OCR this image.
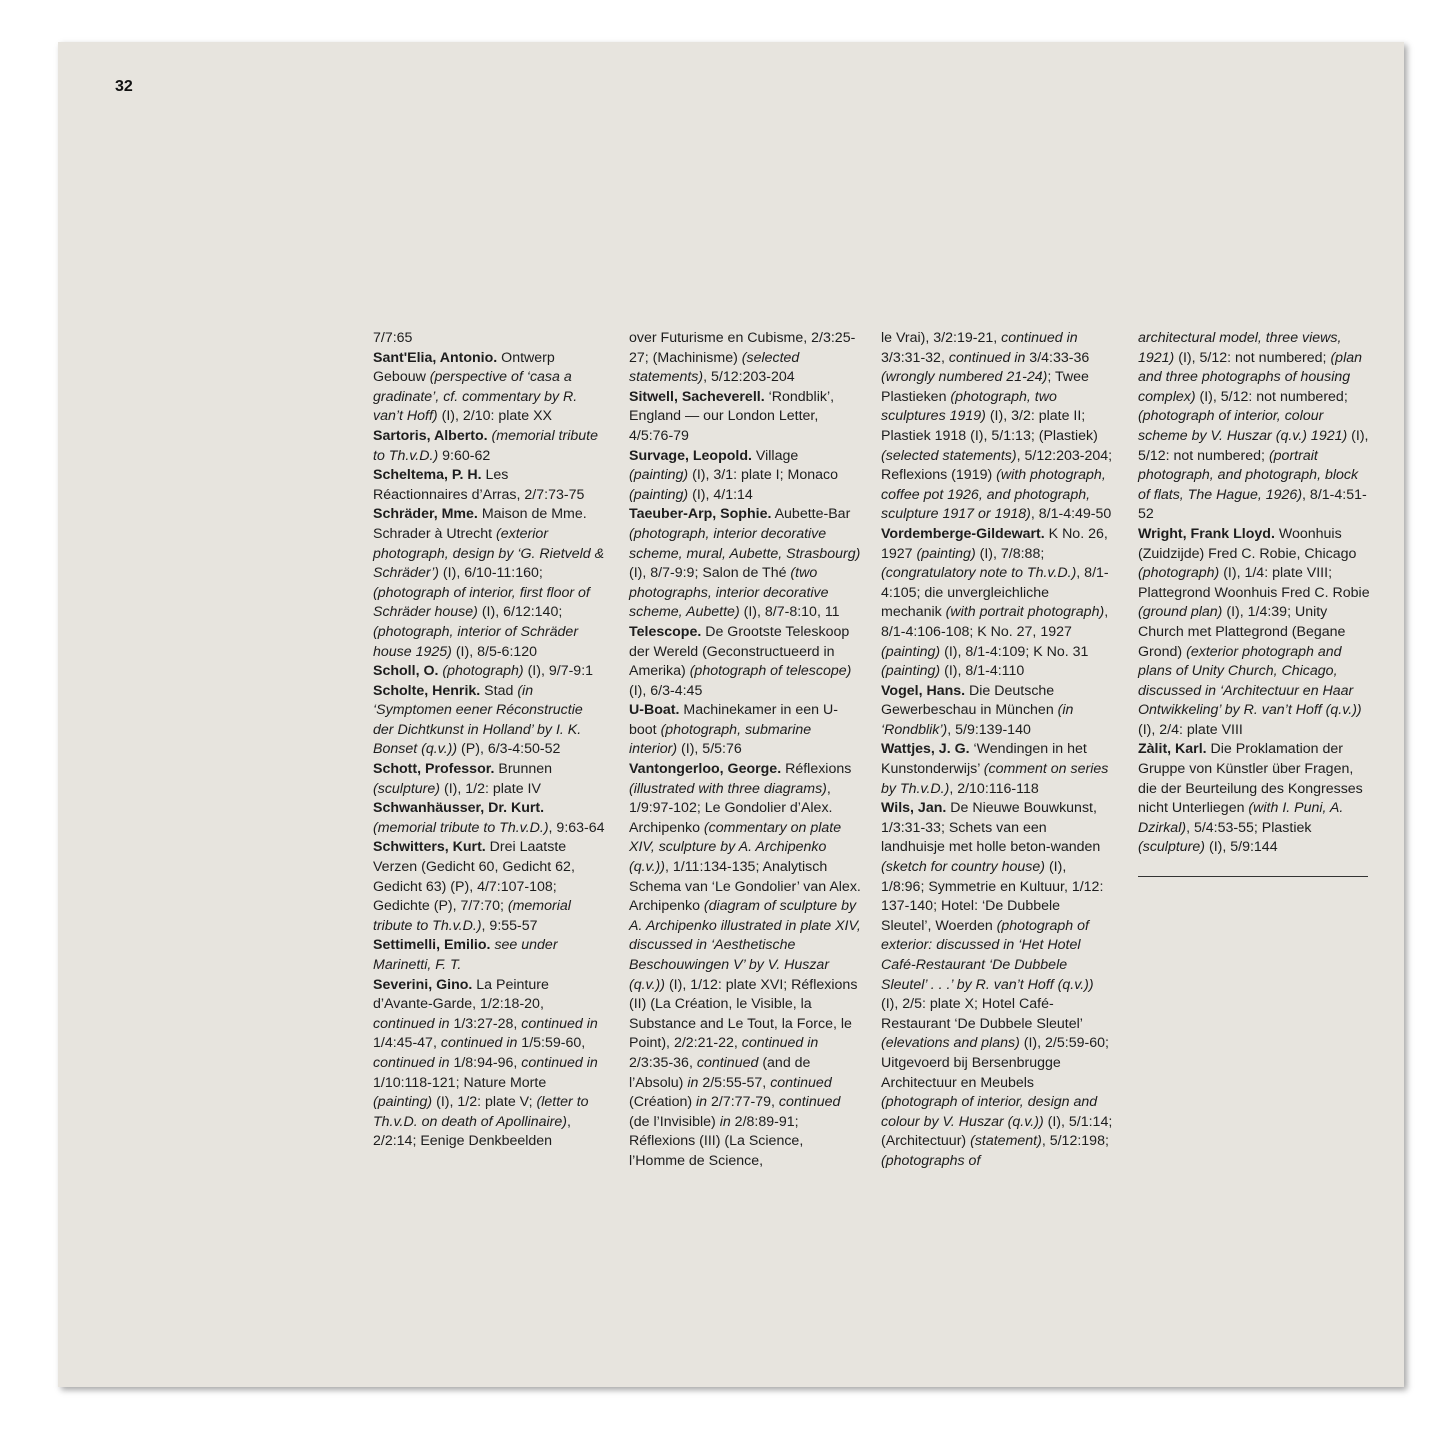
32

7/7:65

Sant'Elia, Antonio. Ontwerp Gebouw (perspective of ‘casa a gradinate’, cf. commentary by R. van’t Hoff) (I), 2/10: plate XX

Sartoris, Alberto. (memorial tribute to Th.v.D.) 9:60-62

Scheltema, P. H. Les Réactionnaires d’Arras, 2/7:73-75

Schräder, Mme. Maison de Mme. Schrader à Utrecht (exterior photograph, design by ‘G. Rietveld & Schräder’) (I), 6/10-11:160; (photograph of interior, first floor of Schräder house) (I), 6/12:140; (photograph, interior of Schräder house 1925) (I), 8/5-6:120

Scholl, O. (photograph) (I), 9/7-9:1

Scholte, Henrik. Stad (in ‘Symptomen eener Réconstructie der Dichtkunst in Holland’ by I. K. Bonset (q.v.)) (P), 6/3-4:50-52

Schott, Professor. Brunnen (sculpture) (I), 1/2: plate IV

Schwanhäusser, Dr. Kurt. (memorial tribute to Th.v.D.), 9:63-64

Schwitters, Kurt. Drei Laatste Verzen (Gedicht 60, Gedicht 62, Gedicht 63) (P), 4/7:107-108; Gedichte (P), 7/7:70; (memorial tribute to Th.v.D.), 9:55-57

Settimelli, Emilio. see under Marinetti, F. T.

Severini, Gino. La Peinture d’Avante-Garde, 1/2:18-20, continued in 1/3:27-28, continued in 1/4:45-47, continued in 1/5:59-60, continued in 1/8:94-96, continued in 1/10:118-121; Nature Morte (painting) (I), 1/2: plate V; (letter to Th.v.D. on death of Apollinaire), 2/2:14; Eenige Denkbeelden

over Futurisme en Cubisme, 2/3:25-27; (Machinisme) (selected statements), 5/12:203-204

Sitwell, Sacheverell. ‘Rondblik’, England — our London Letter, 4/5:76-79

Survage, Leopold. Village (painting) (I), 3/1: plate I; Monaco (painting) (I), 4/1:14

Taeuber-Arp, Sophie. Aubette-Bar (photograph, interior decorative scheme, mural, Aubette, Strasbourg) (I), 8/7-9:9; Salon de Thé (two photographs, interior decorative scheme, Aubette) (I), 8/7-8:10, 11

Telescope. De Grootste Teleskoop der Wereld (Geconstructueerd in Amerika) (photograph of telescope) (I), 6/3-4:45

U-Boat. Machinekamer in een U-boot (photograph, submarine interior) (I), 5/5:76

Vantongerloo, George. Réflexions (illustrated with three diagrams), 1/9:97-102; Le Gondolier d’Alex. Archipenko (commentary on plate XIV, sculpture by A. Archipenko (q.v.)), 1/11:134-135; Analytisch Schema van ‘Le Gondolier’ van Alex. Archipenko (diagram of sculpture by A. Archipenko illustrated in plate XIV, discussed in ‘Aesthetische Beschouwingen V’ by V. Huszar (q.v.)) (I), 1/12: plate XVI; Réflexions (II) (La Création, le Visible, la Substance and Le Tout, la Force, le Point), 2/2:21-22, continued in 2/3:35-36, continued (and de l’Absolu) in 2/5:55-57, continued (Création) in 2/7:77-79, continued (de l’Invisible) in 2/8:89-91; Réflexions (III) (La Science, l’Homme de Science,

le Vrai), 3/2:19-21, continued in 3/3:31-32, continued in 3/4:33-36 (wrongly numbered 21-24); Twee Plastieken (photograph, two sculptures 1919) (I), 3/2: plate II; Plastiek 1918 (I), 5/1:13; (Plastiek) (selected statements), 5/12:203-204; Reflexions (1919) (with photograph, coffee pot 1926, and photograph, sculpture 1917 or 1918), 8/1-4:49-50

Vordemberge-Gildewart. K No. 26, 1927 (painting) (I), 7/8:88; (congratulatory note to Th.v.D.), 8/1-4:105; die unvergleichliche mechanik (with portrait photograph), 8/1-4:106-108; K No. 27, 1927 (painting) (I), 8/1-4:109; K No. 31 (painting) (I), 8/1-4:110

Vogel, Hans. Die Deutsche Gewerbeschau in München (in ‘Rondblik’), 5/9:139-140

Wattjes, J. G. ‘Wendingen in het Kunstonderwijs’ (comment on series by Th.v.D.), 2/10:116-118

Wils, Jan. De Nieuwe Bouwkunst, 1/3:31-33; Schets van een landhuisje met holle beton-wanden (sketch for country house) (I), 1/8:96; Symmetrie en Kultuur, 1/12: 137-140; Hotel: ‘De Dubbele Sleutel’, Woerden (photograph of exterior: discussed in ‘Het Hotel Café-Restaurant ‘De Dubbele Sleutel’ . . .’ by R. van’t Hoff (q.v.)) (I), 2/5: plate X; Hotel Café-Restaurant ‘De Dubbele Sleutel’ (elevations and plans) (I), 2/5:59-60; Uitgevoerd bij Bersenbrugge Architectuur en Meubels (photograph of interior, design and colour by V. Huszar (q.v.)) (I), 5/1:14; (Architectuur) (statement), 5/12:198; (photographs of

architectural model, three views, 1921) (I), 5/12: not numbered; (plan and three photographs of housing complex) (I), 5/12: not numbered; (photograph of interior, colour scheme by V. Huszar (q.v.) 1921) (I), 5/12: not numbered; (portrait photograph, and photograph, block of flats, The Hague, 1926), 8/1-4:51-52

Wright, Frank Lloyd. Woonhuis (Zuidzijde) Fred C. Robie, Chicago (photograph) (I), 1/4: plate VIII; Plattegrond Woonhuis Fred C. Robie (ground plan) (I), 1/4:39; Unity Church met Plattegrond (Begane Grond) (exterior photograph and plans of Unity Church, Chicago, discussed in ‘Architectuur en Haar Ontwikkeling’ by R. van’t Hoff (q.v.)) (I), 2/4: plate VIII

Zàlit, Karl. Die Proklamation der Gruppe von Künstler über Fragen, die der Beurteilung des Kongresses nicht Unterliegen (with I. Puni, A. Dzirkal), 5/4:53-55; Plastiek (sculpture) (I), 5/9:144
